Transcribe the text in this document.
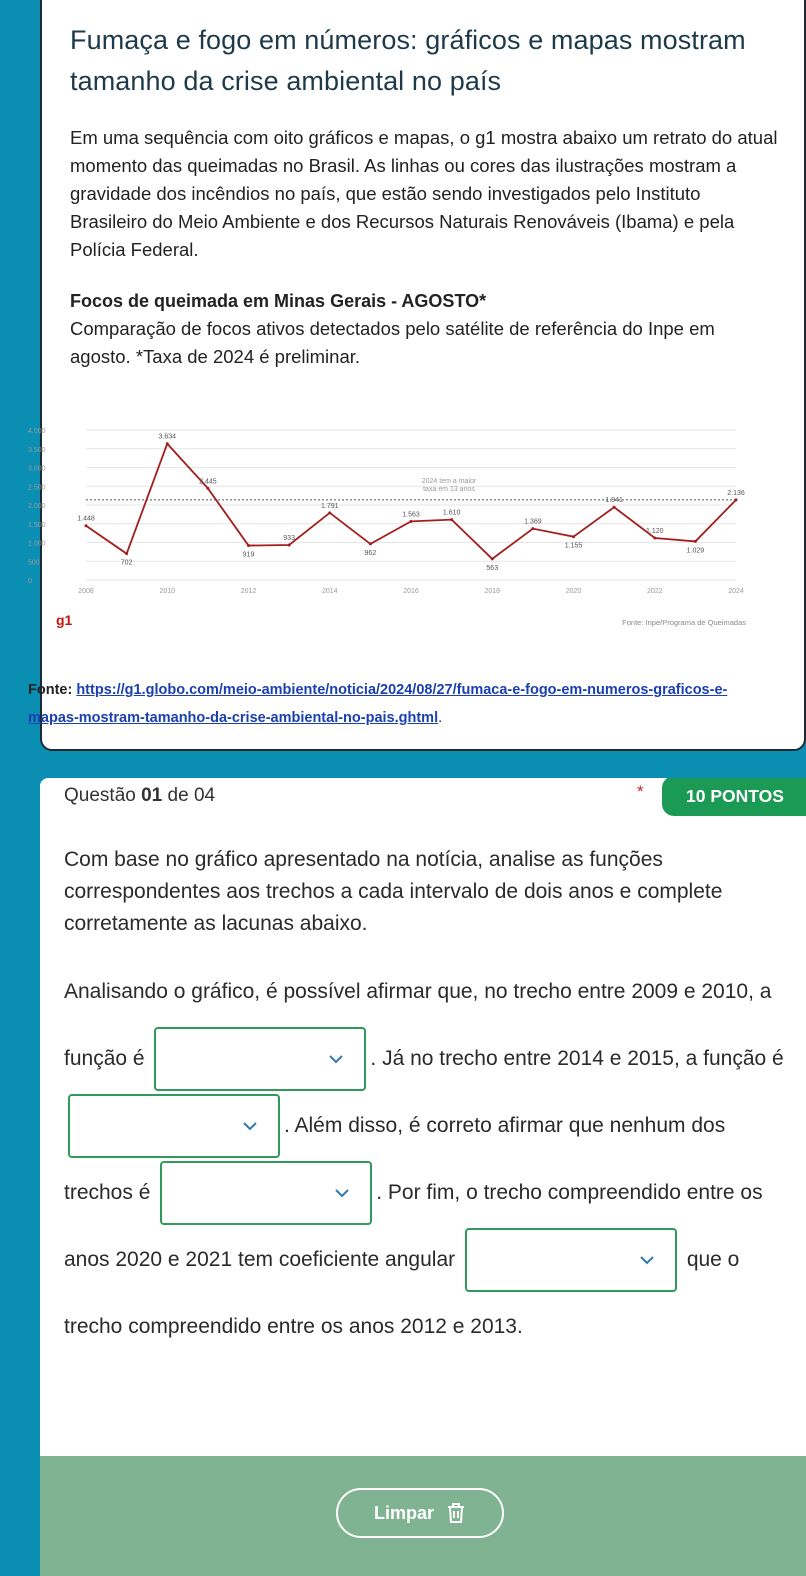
Fumaça e fogo em números: gráficos e mapas mostram tamanho da crise ambiental no país

Em uma sequência com oito gráficos e mapas, o g1 mostra abaixo um retrato do atual momento das queimadas no Brasil. As linhas ou cores das ilustrações mostram a gravidade dos incêndios no país, que estão sendo investigados pelo Instituto Brasileiro do Meio Ambiente e dos Recursos Naturais Renováveis (Ibama) e pela Polícia Federal.

Focos de queimada em Minas Gerais - AGOSTO*

Comparação de focos ativos detectados pelo satélite de referência do Inpe em agosto. *Taxa de 2024 é preliminar.

0
500
1.000
1.500
2.000
2.500
3.000
3.500
4.000
2008	2010	2012	2014	2016	2018	2020	2022	2024
2024 tem a maior
taxa em 13 anos
1.448
702
3.634
2.445
919
933
1.791
962
1.563	1.610
563
1.369
1.155
1.941
1.120
1.029
2.136
g1	Fonte: Inpe/Programa de Queimadas
Fonte: https://g1.globo.com/meio-ambiente/noticia/2024/08/27/fumaca-e-fogo-em-numeros-graficos-e-mapas-mostram-tamanho-da-crise-ambiental-no-pais.ghtml.
Questão 01 de 04	*	10 PONTOS

Com base no gráfico apresentado na notícia, analise as funções correspondentes aos trechos a cada intervalo de dois anos e complete corretamente as lacunas abaixo.

Analisando o gráfico, é possível afirmar que, no trecho entre 2009 e 2010, a função é	. Já no trecho entre 2014 e 2015, a função é
. Além disso, é correto afirmar que nenhum dos trechos é	. Por fim, o trecho compreendido entre os anos 2020 e 2021 tem coeficiente angular	que o trecho compreendido entre os anos 2012 e 2013.
Limpar
